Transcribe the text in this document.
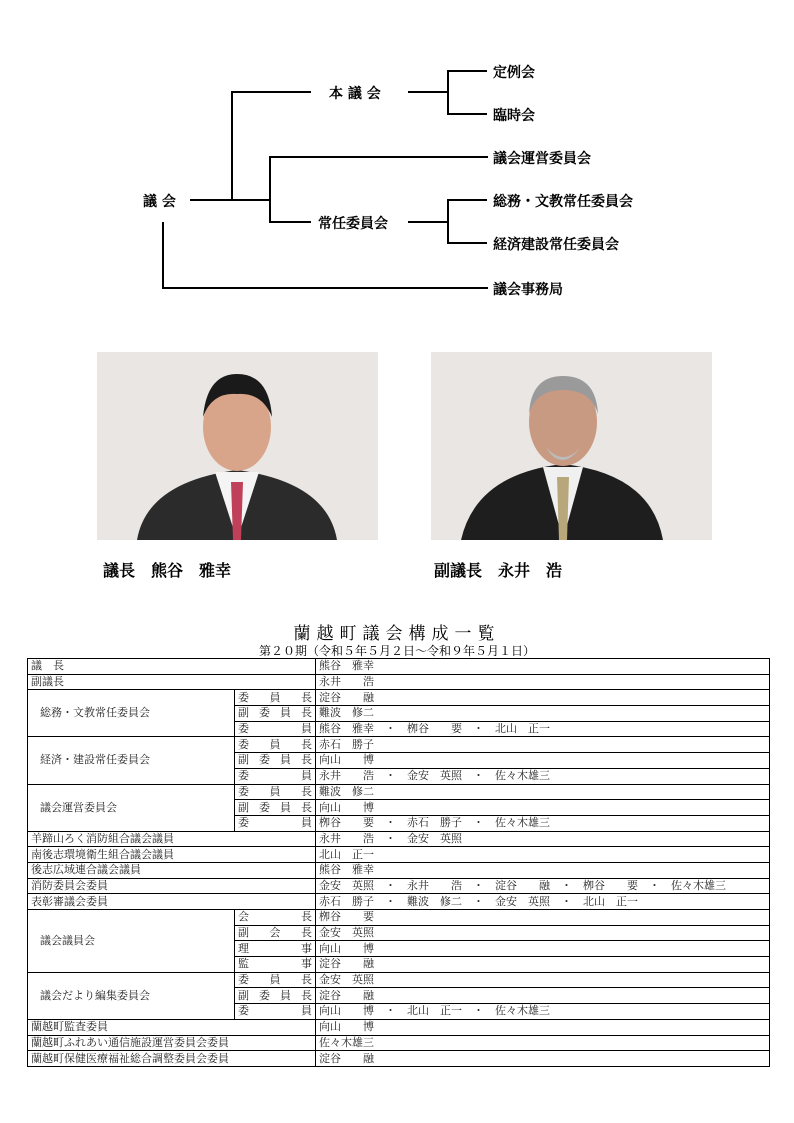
議 会
本 議 会
定例会
臨時会
議会運営委員会
常任委員会
総務・文教常任委員会
経済建設常任委員会
議会事務局
議長　熊谷　雅幸	副議長　永井　浩
蘭越町議会構成一覧
第２０期（令和５年５月２日～令和９年５月１日）
議　長		熊谷　雅幸
副議長		永井　　浩
総務・文教常任委員会	委員長	淀谷　　融
	副委員長	難波　修二
	委員	熊谷　雅幸　・　栁谷　　要　・　北山　正一
経済・建設常任委員会	委員長	赤石　勝子
	副委員長	向山　　博
	委員	永井　　浩　・　金安　英照　・　佐々木雄三
議会運営委員会	委員長	難波　修二
	副委員長	向山　　博
	委員	栁谷　　要　・　赤石　勝子　・　佐々木雄三
羊蹄山ろく消防組合議会議員		永井　　浩　・　金安　英照
南後志環境衛生組合議会議員		北山　正一
後志広域連合議会議員		熊谷　雅幸
消防委員会委員		金安　英照　・　永井　　浩　・　淀谷　　融　・　栁谷　　要　・　佐々木雄三
表彰審議会委員		赤石　勝子　・　難波　修二　・　金安　英照　・　北山　正一
議会議員会	会長	栁谷　　要
	副会長	金安　英照
	理事	向山　　博
	監事	淀谷　　融
議会だより編集委員会	委員長	金安　英照
	副委員長	淀谷　　融
	委員	向山　　博　・　北山　正一　・　佐々木雄三
蘭越町監査委員		向山　　博
蘭越町ふれあい通信施設運営委員会委員		佐々木雄三
蘭越町保健医療福祉総合調整委員会委員		淀谷　　融
